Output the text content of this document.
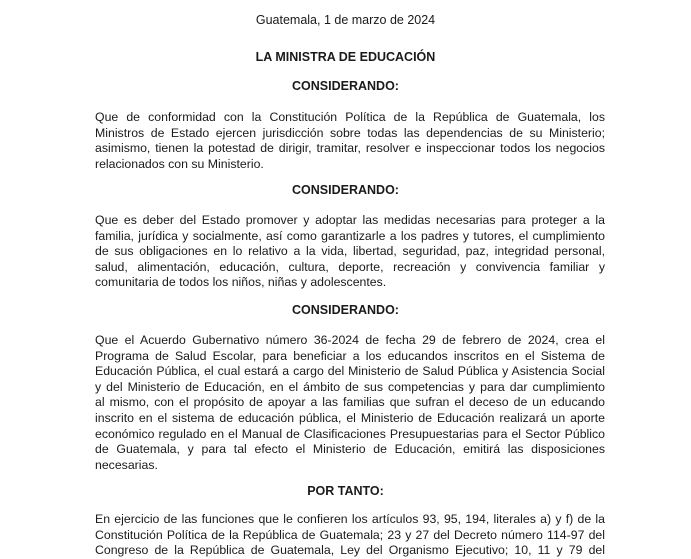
Guatemala, 1 de marzo de 2024
LA MINISTRA DE EDUCACIÓN
CONSIDERANDO:
Que de conformidad con la Constitución Política de la República de Guatemala, los
Ministros de Estado ejercen jurisdicción sobre todas las dependencias de su Ministerio;
asimismo, tienen la potestad de dirigir, tramitar, resolver e inspeccionar todos los negocios
relacionados con su Ministerio.
CONSIDERANDO:
Que es deber del Estado promover y adoptar las medidas necesarias para proteger a la
familia, jurídica y socialmente, así como garantizarle a los padres y tutores, el cumplimiento
de sus obligaciones en lo relativo a la vida, libertad, seguridad, paz, integridad personal,
salud, alimentación, educación, cultura, deporte, recreación y convivencia familiar y
comunitaria de todos los niños, niñas y adolescentes.
CONSIDERANDO:
Que el Acuerdo Gubernativo número 36-2024 de fecha 29 de febrero de 2024, crea el
Programa de Salud Escolar, para beneficiar a los educandos inscritos en el Sistema de
Educación Pública, el cual estará a cargo del Ministerio de Salud Pública y Asistencia Social
y del Ministerio de Educación, en el ámbito de sus competencias y para dar cumplimiento
al mismo, con el propósito de apoyar a las familias que sufran el deceso de un educando
inscrito en el sistema de educación pública, el Ministerio de Educación realizará un aporte
económico regulado en el Manual de Clasificaciones Presupuestarias para el Sector Público
de Guatemala, y para tal efecto el Ministerio de Educación, emitirá las disposiciones
necesarias.
POR TANTO:
En ejercicio de las funciones que le confieren los artículos 93, 95, 194, literales a) y f) de la
Constitución Política de la República de Guatemala; 23 y 27 del Decreto número 114-97 del
Congreso de la República de Guatemala, Ley del Organismo Ejecutivo; 10, 11 y 79 del
